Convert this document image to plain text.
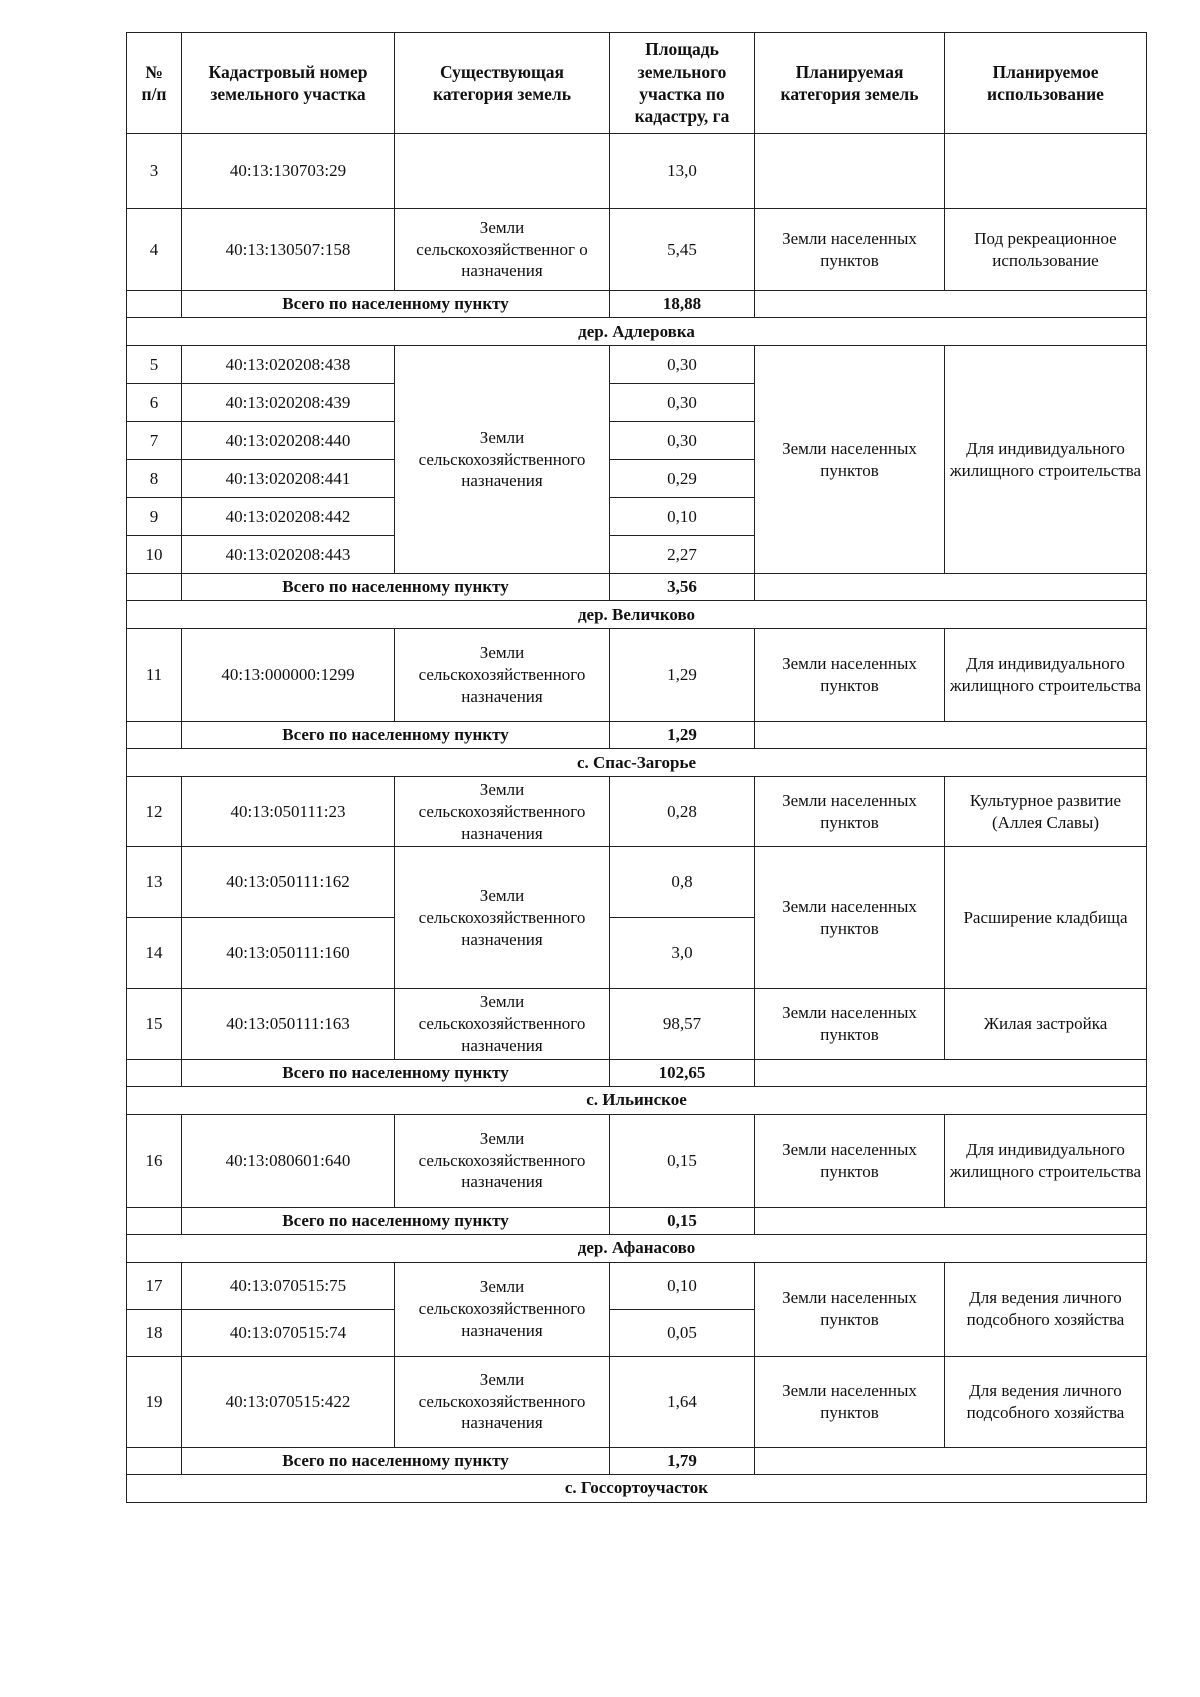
№
п/п	Кадастровый номер земельного участка	Существующая категория земель	Площадь земельного участка по кадастру, га	Планируемая категория земель	Планируемое использование
3	40:13:130703:29		13,0		
4	40:13:130507:158	Земли сельскохозяйственног о назначения	5,45	Земли населенных пунктов	Под рекреационное использование
	Всего по населенному пункту		18,88		
дер. Адлеровка					
5	40:13:020208:438	Земли сельскохозяйственного назначения	0,30	Земли населенных пунктов	Для индивидуального жилищного строительства
6	40:13:020208:439		0,30		
7	40:13:020208:440		0,30		
8	40:13:020208:441		0,29		
9	40:13:020208:442		0,10		
10	40:13:020208:443		2,27		
	Всего по населенному пункту		3,56		
дер. Величково					
11	40:13:000000:1299	Земли сельскохозяйственного назначения	1,29	Земли населенных пунктов	Для индивидуального жилищного строительства
	Всего по населенному пункту		1,29		
с. Спас-Загорье					
12	40:13:050111:23	Земли сельскохозяйственного назначения	0,28	Земли населенных пунктов	Культурное развитие (Аллея Славы)
13	40:13:050111:162	Земли сельскохозяйственного назначения	0,8	Земли населенных пунктов	Расширение кладбища
14	40:13:050111:160		3,0		
15	40:13:050111:163	Земли сельскохозяйственного назначения	98,57	Земли населенных пунктов	Жилая застройка
	Всего по населенному пункту		102,65		
с. Ильинское					
16	40:13:080601:640	Земли сельскохозяйственного назначения	0,15	Земли населенных пунктов	Для индивидуального жилищного строительства
	Всего по населенному пункту		0,15		
дер. Афанасово					
17	40:13:070515:75	Земли сельскохозяйственного назначения	0,10	Земли населенных пунктов	Для ведения личного подсобного хозяйства
18	40:13:070515:74		0,05		
19	40:13:070515:422	Земли сельскохозяйственного назначения	1,64	Земли населенных пунктов	Для ведения личного подсобного хозяйства
	Всего по населенному пункту		1,79		
с. Госсортоучасток					
